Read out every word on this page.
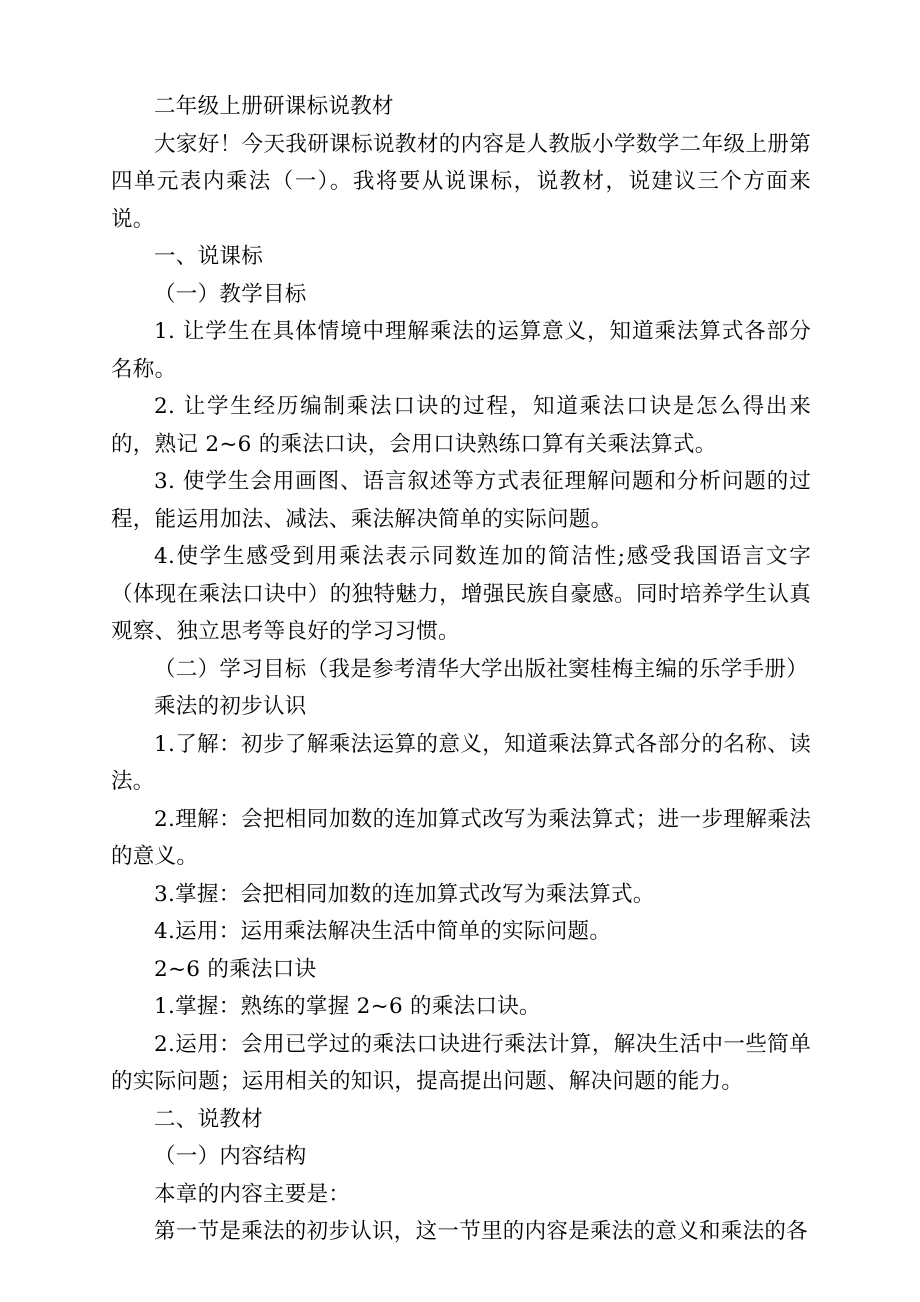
二年级上册研课标说教材

大家好！今天我研课标说教材的内容是人教版小学数学二年级上册第四单元表内乘法（一）。我将要从说课标，说教材，说建议三个方面来说。

一、说课标

（一）教学目标

1. 让学生在具体情境中理解乘法的运算意义，知道乘法算式各部分名称。

2. 让学生经历编制乘法口诀的过程，知道乘法口诀是怎么得出来的，熟记 2~6 的乘法口诀，会用口诀熟练口算有关乘法算式。

3. 使学生会用画图、语言叙述等方式表征理解问题和分析问题的过程，能运用加法、减法、乘法解决简单的实际问题。

4.使学生感受到用乘法表示同数连加的简洁性;感受我国语言文字（体现在乘法口诀中）的独特魅力，增强民族自豪感。同时培养学生认真观察、独立思考等良好的学习习惯。

（二）学习目标（我是参考清华大学出版社窦桂梅主编的乐学手册）

乘法的初步认识

1.了解：初步了解乘法运算的意义，知道乘法算式各部分的名称、读法。

2.理解：会把相同加数的连加算式改写为乘法算式；进一步理解乘法的意义。

3.掌握：会把相同加数的连加算式改写为乘法算式。

4.运用：运用乘法解决生活中简单的实际问题。

2~6 的乘法口诀

1.掌握：熟练的掌握 2~6 的乘法口诀。

2.运用：会用已学过的乘法口诀进行乘法计算，解决生活中一些简单的实际问题；运用相关的知识，提高提出问题、解决问题的能力。

二、说教材

（一）内容结构

本章的内容主要是：

第一节是乘法的初步认识，这一节里的内容是乘法的意义和乘法的各
